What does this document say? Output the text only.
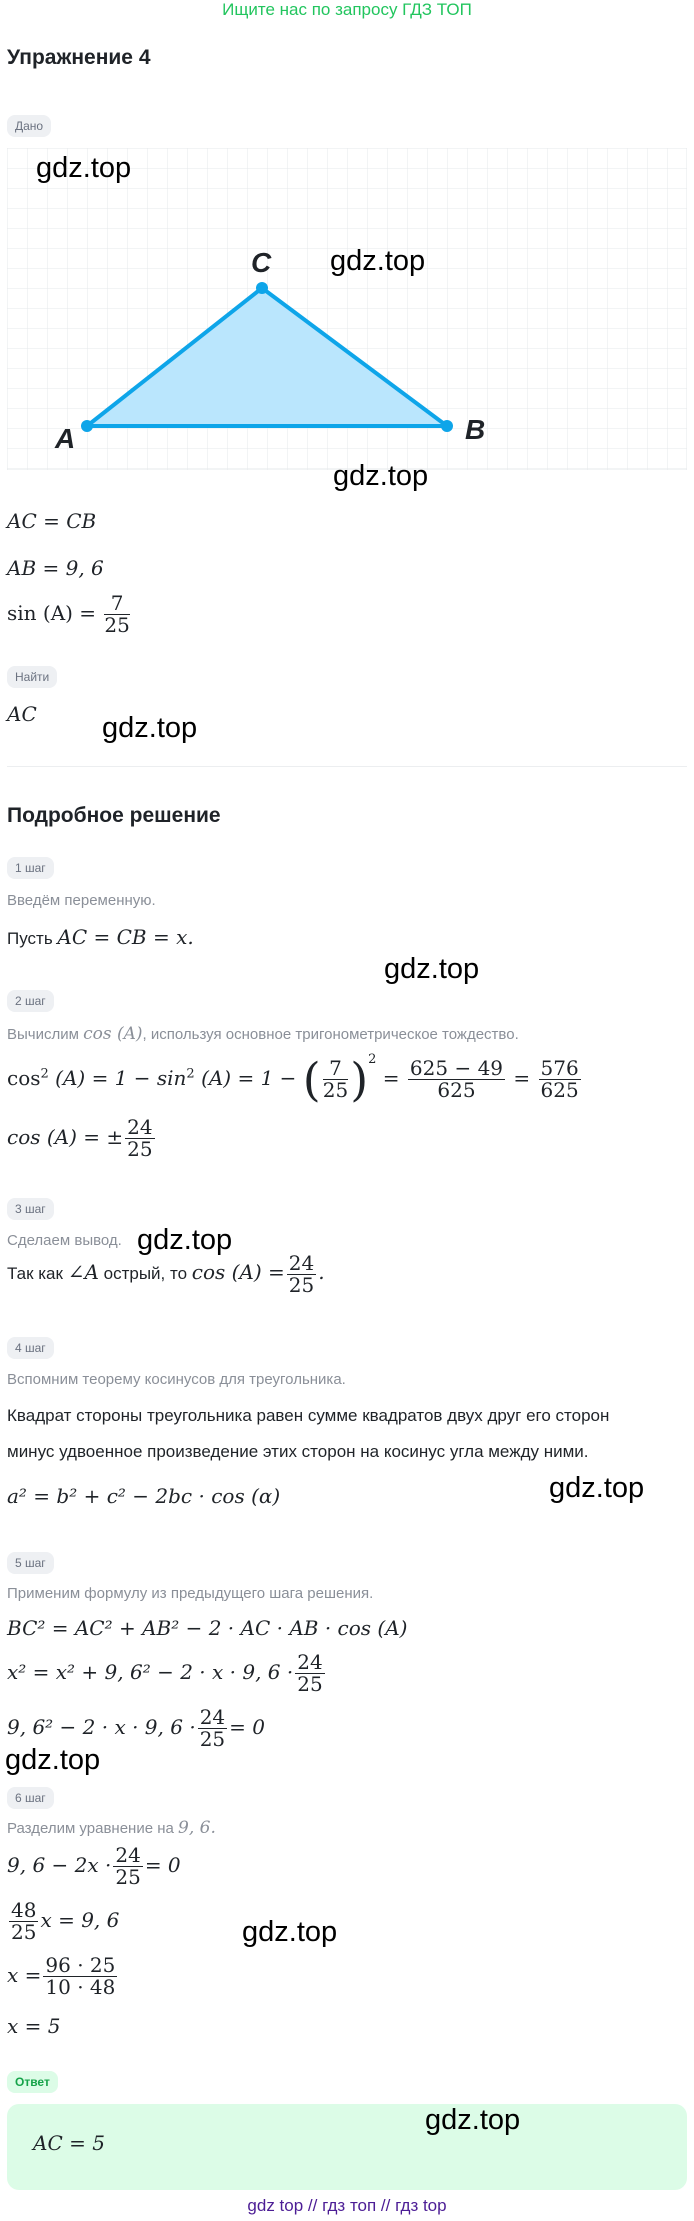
Ищите нас по запросу ГДЗ ТОП
Упражнение 4
Дано
A	B
C
AC = CB
AB = 9, 6
$\sin (A) = \frac{7}{25}$
Найти
AC
Подробное решение
1 шаг
Введём переменную.
Пусть AC = CB = x.
2 шаг
Вычислим cos (A), используя основное тригонометрическое тождество.
$\cos^2 (A) = 1 - \sin^2 (A) = 1$ − ( $\frac{7}{25} )^2 = \frac{625 - 49}{625} = \frac{576}{625}$
cos (A) = ± $\frac{24}{25}$
3 шаг
Сделаем вывод.
Так как ∠A острый, то $\cos (A) = \frac{24}{25}$ .
4 шаг
Вспомним теорему косинусов для треугольника.
Квадрат стороны треугольника равен сумме квадратов двух друг его сторон
минус удвоенное произведение этих сторон на косинус угла между ними.
a² = b² + c² − 2bc · cos (α)
5 шаг
Применим формулу из предыдущего шага решения.
BC² = AC² + AB² − 2 · AC · AB · cos (A)
x² = x² + 9, 6² − 2 · x · 9, $6 \cdot \frac{24}{25}$
9, 6² − 2 · x · 9, $6 \cdot \frac{24}{25} = 0$
6 шаг
Разделим уравнение на 9, 6.
9, $6 - 2x \cdot \frac{24}{25} = 0$
$\frac{48}{25}$ x = 9, 6
$x = \frac{96 \cdot 25}{10 \cdot 48}$
x = 5
Ответ
AC = 5
gdz.top
gdz.top
gdz.top
gdz.top
gdz.top
gdz.top
gdz.top
gdz.top
gdz.top
gdz.top
gdz top // гдз топ // гдз top
